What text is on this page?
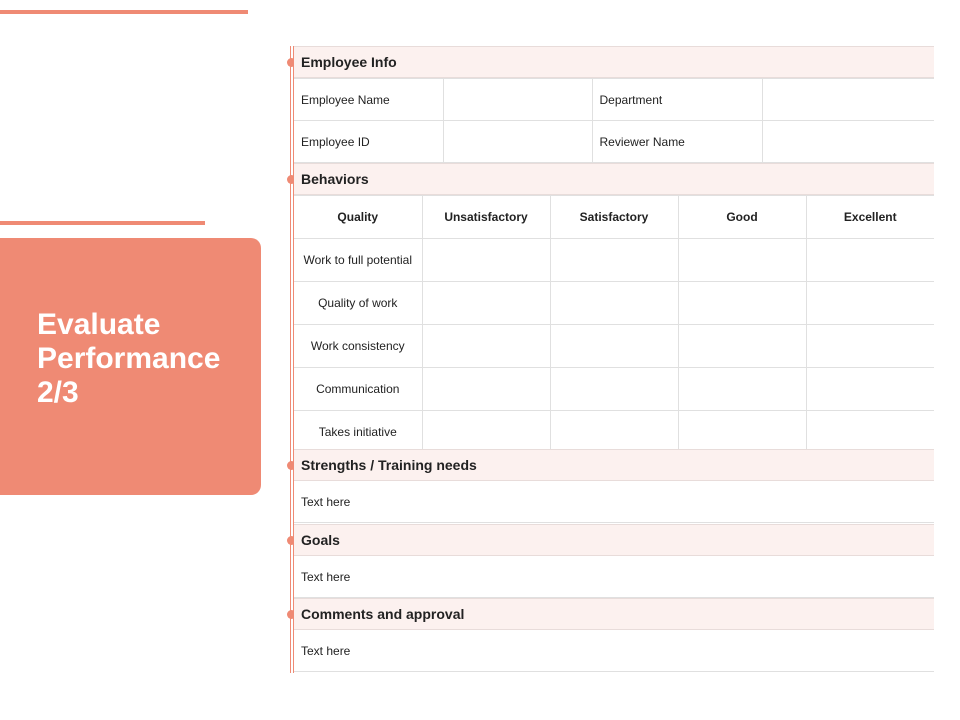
Evaluate Performance 2/3
Employee Info
Employee Name		Department	
Employee ID		Reviewer Name	
Behaviors
Quality	Unsatisfactory	Satisfactory	Good	Excellent
Work to full potential				
Quality of work				
Work consistency				
Communication				
Takes initiative				
Strengths / Training needs
Text here
Goals
Text here
Comments and approval
Text here
